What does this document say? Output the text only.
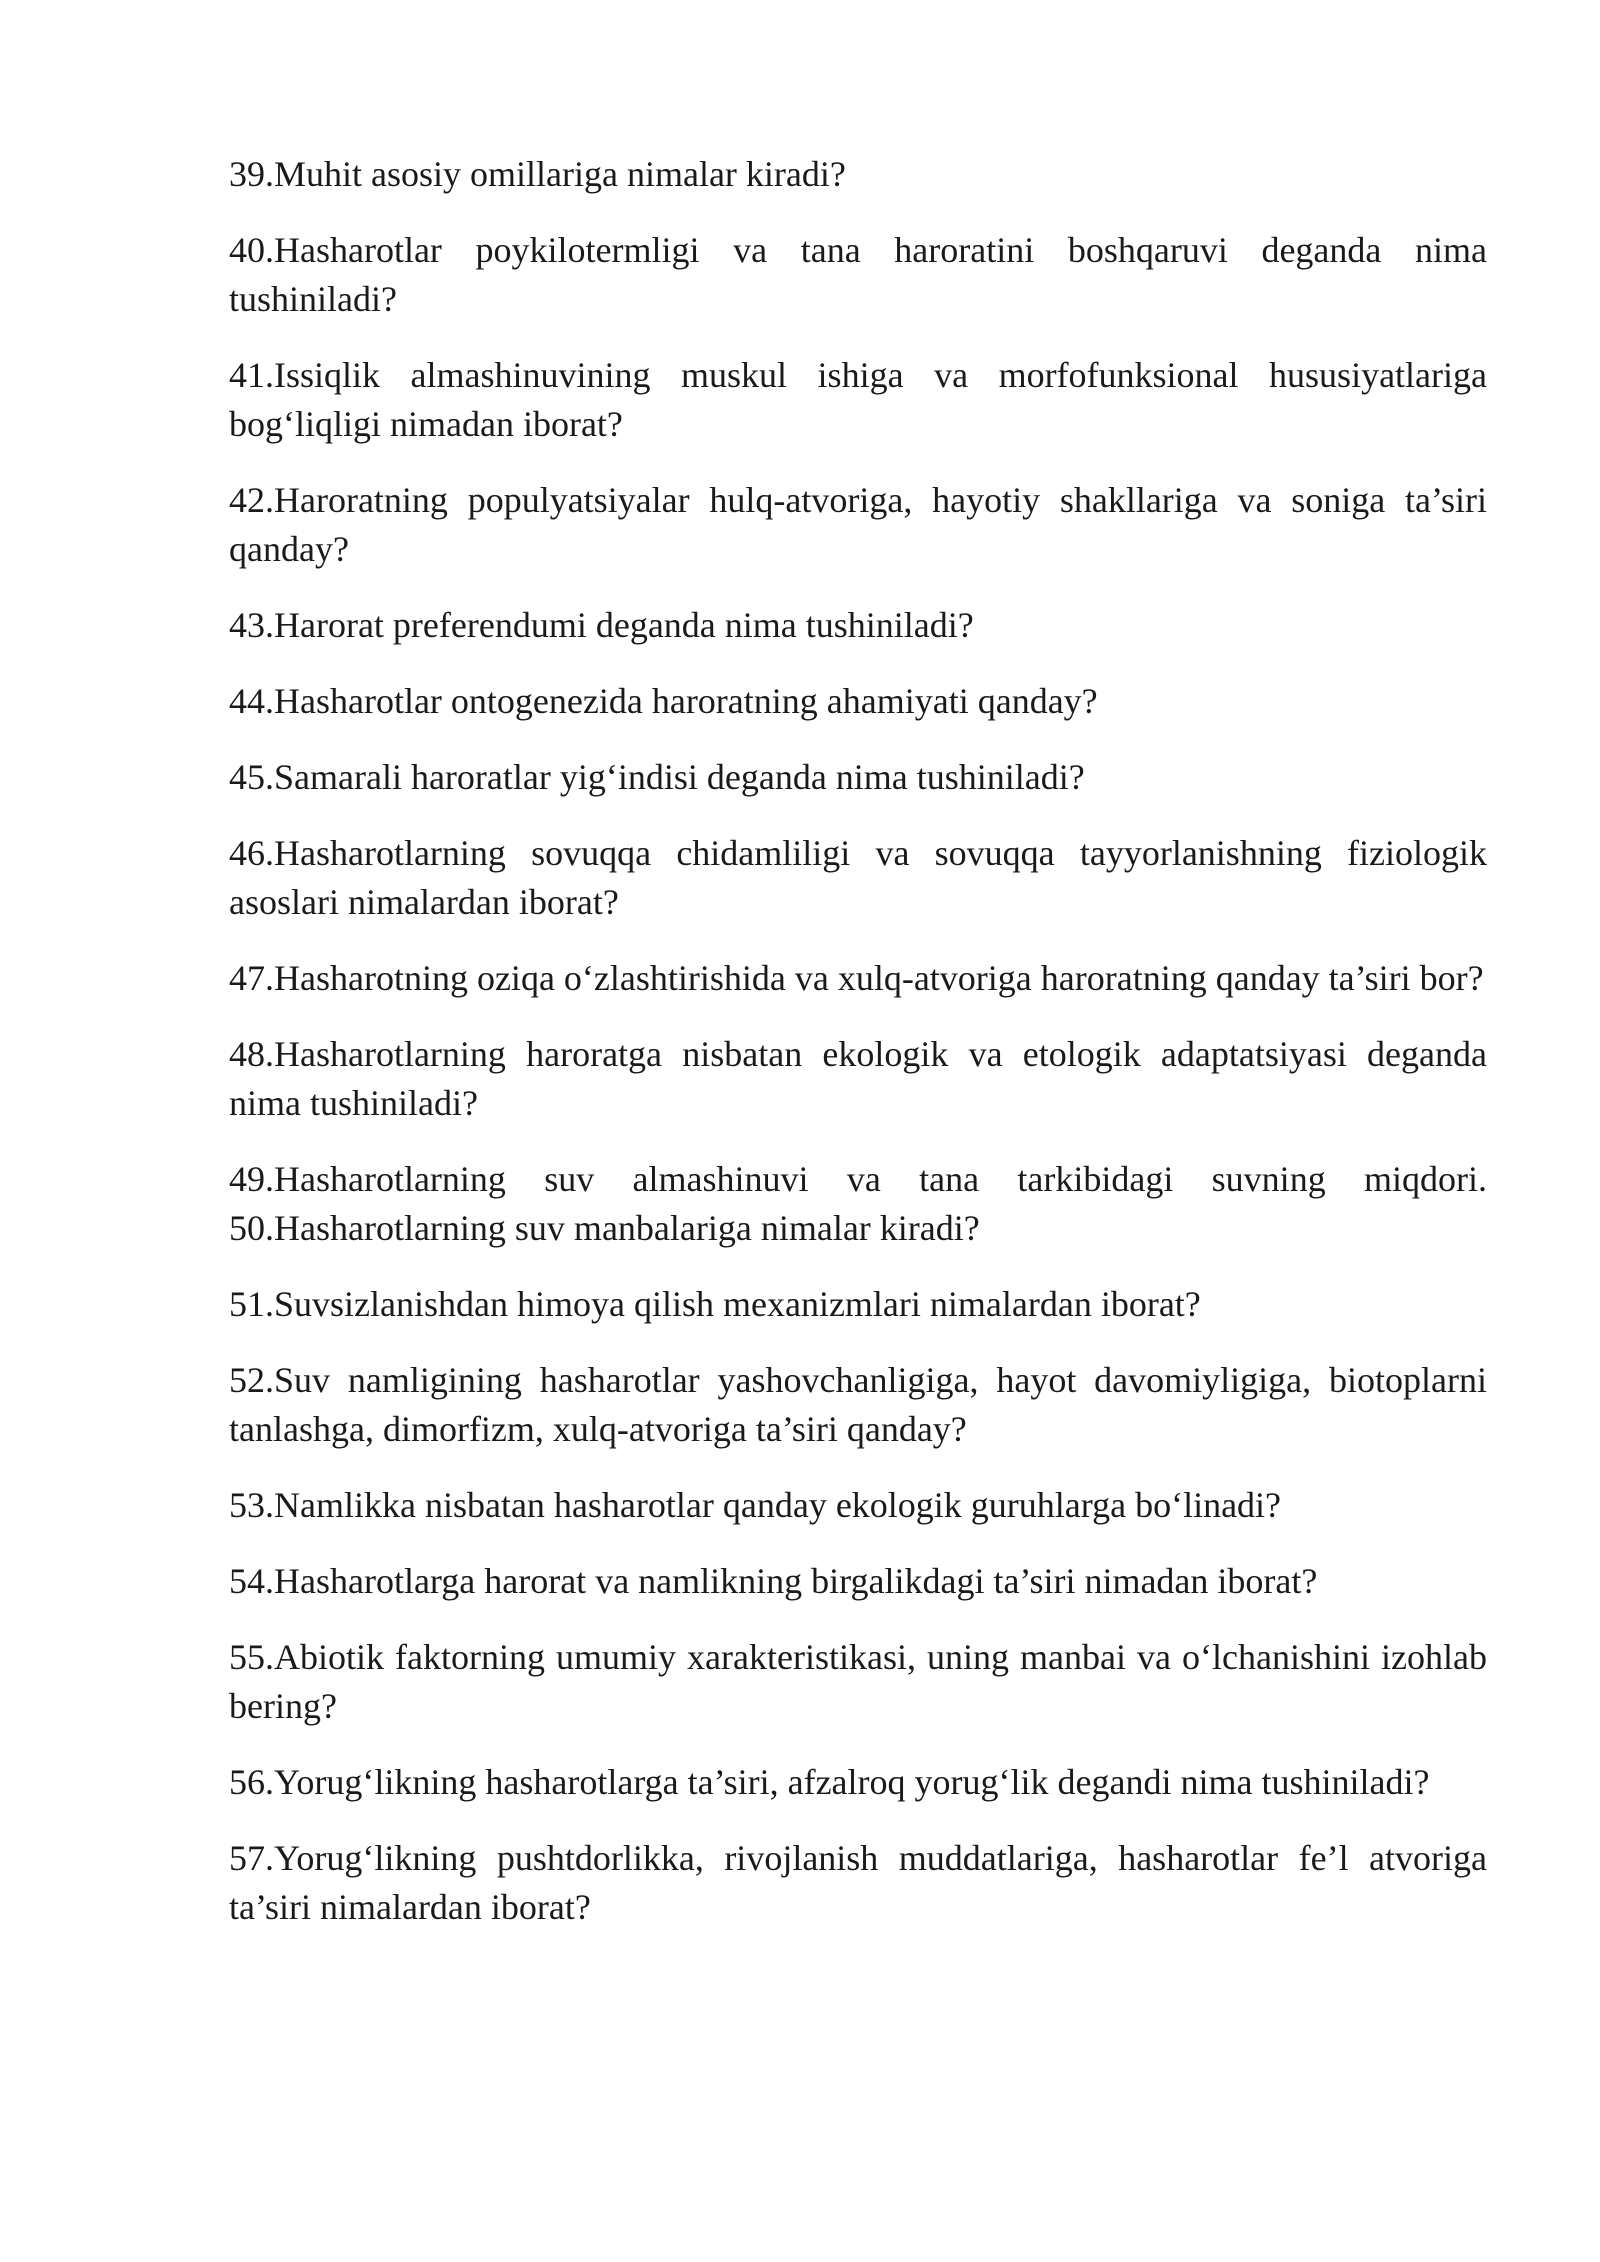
39.Muhit asosiy omillariga nimalar kiradi?

40.Hasharotlar poykilotermligi va tana haroratini boshqaruvi deganda nima tushiniladi?

41.Issiqlik almashinuvining muskul ishiga va morfofunksional hususiyatlariga bog‘liqligi nimadan iborat?

42.Haroratning populyatsiyalar hulq-atvoriga, hayotiy shakllariga va soniga ta’siri qanday?

43.Harorat preferendumi deganda nima tushiniladi?

44.Hasharotlar ontogenezida haroratning ahamiyati qanday?

45.Samarali haroratlar yig‘indisi deganda nima tushiniladi?

46.Hasharotlarning sovuqqa chidamliligi va sovuqqa tayyorlanishning fiziologik asoslari nimalardan iborat?

47.Hasharotning oziqa o‘zlashtirishida va xulq-atvoriga haroratning qanday ta’siri bor?

48.Hasharotlarning haroratga nisbatan ekologik va etologik adaptatsiyasi deganda nima tushiniladi?

49.Hasharotlarning suv almashinuvi va tana tarkibidagi suvning miqdori.
50.Hasharotlarning suv manbalariga nimalar kiradi?

51.Suvsizlanishdan himoya qilish mexanizmlari nimalardan iborat?

52.Suv namligining hasharotlar yashovchanligiga, hayot davomiyligiga, biotoplarni tanlashga, dimorfizm, xulq-atvoriga ta’siri qanday?

53.Namlikka nisbatan hasharotlar qanday ekologik guruhlarga bo‘linadi?

54.Hasharotlarga harorat va namlikning birgalikdagi ta’siri nimadan iborat?

55.Abiotik faktorning umumiy xarakteristikasi, uning manbai va o‘lchanishini izohlab bering?

56.Yorug‘likning hasharotlarga ta’siri, afzalroq yorug‘lik degandi nima tushiniladi?

57.Yorug‘likning pushtdorlikka, rivojlanish muddatlariga, hasharotlar fe’l atvoriga ta’siri nimalardan iborat?
